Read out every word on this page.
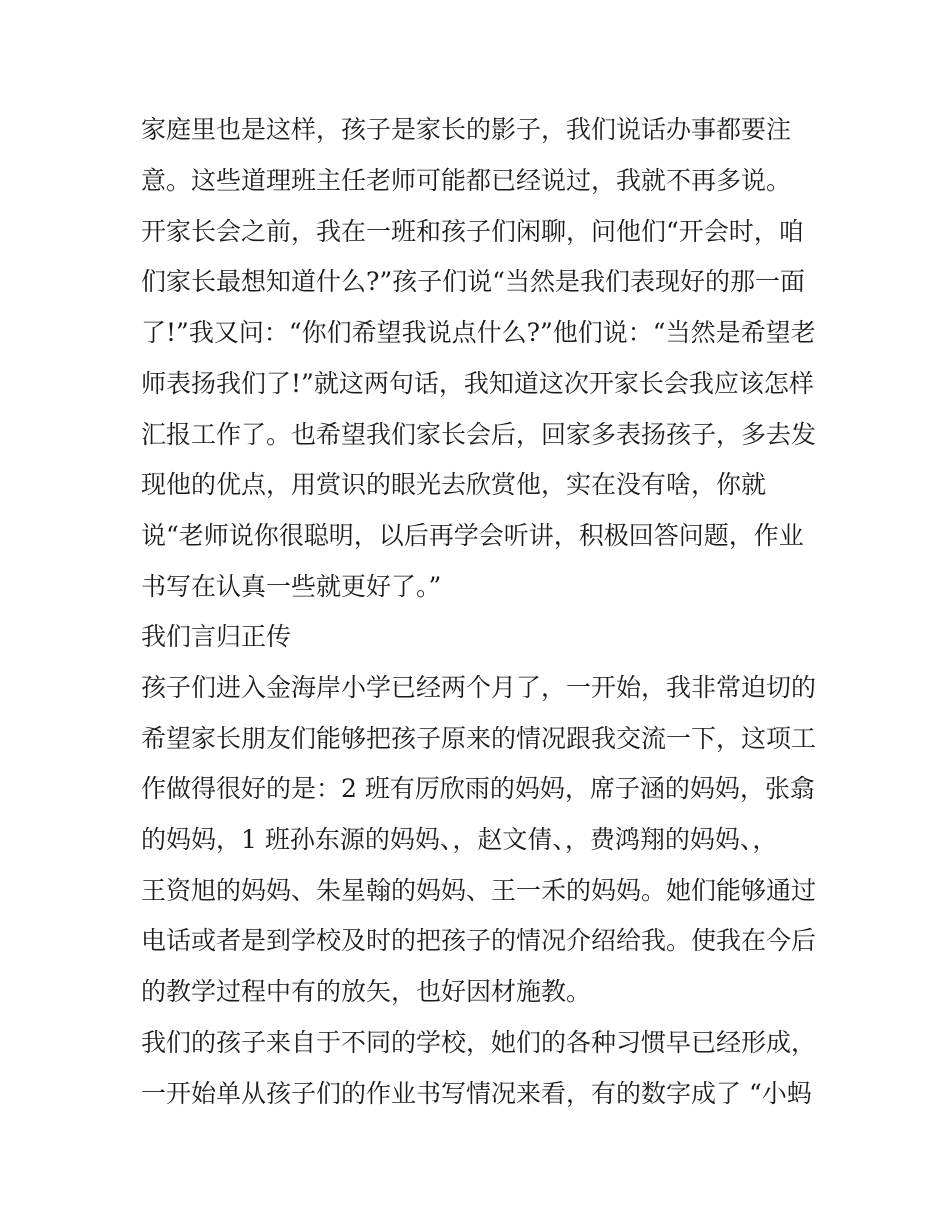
家庭里也是这样，孩子是家长的影子，我们说话办事都要注
意。这些道理班主任老师可能都已经说过，我就不再多说。
开家长会之前，我在一班和孩子们闲聊，问他们“开会时，咱
们家长最想知道什么?”孩子们说“当然是我们表现好的那一面
了!”我又问：“你们希望我说点什么?”他们说：“当然是希望老
师表扬我们了!”就这两句话，我知道这次开家长会我应该怎样
汇报工作了。也希望我们家长会后，回家多表扬孩子，多去发
现他的优点，用赏识的眼光去欣赏他，实在没有啥，你就
说“老师说你很聪明，以后再学会听讲，积极回答问题，作业
书写在认真一些就更好了。”
我们言归正传
孩子们进入金海岸小学已经两个月了，一开始，我非常迫切的
希望家长朋友们能够把孩子原来的情况跟我交流一下，这项工
作做得很好的是：2 班有厉欣雨的妈妈，席子涵的妈妈，张翕
的妈妈，1 班孙东源的妈妈、，赵文倩、，费鸿翔的妈妈、，
王资旭的妈妈、朱星翰的妈妈、王一禾的妈妈。她们能够通过
电话或者是到学校及时的把孩子的情况介绍给我。使我在今后
的教学过程中有的放矢，也好因材施教。
我们的孩子来自于不同的学校，她们的各种习惯早已经形成，
一开始单从孩子们的作业书写情况来看，有的数字成了 “小蚂
